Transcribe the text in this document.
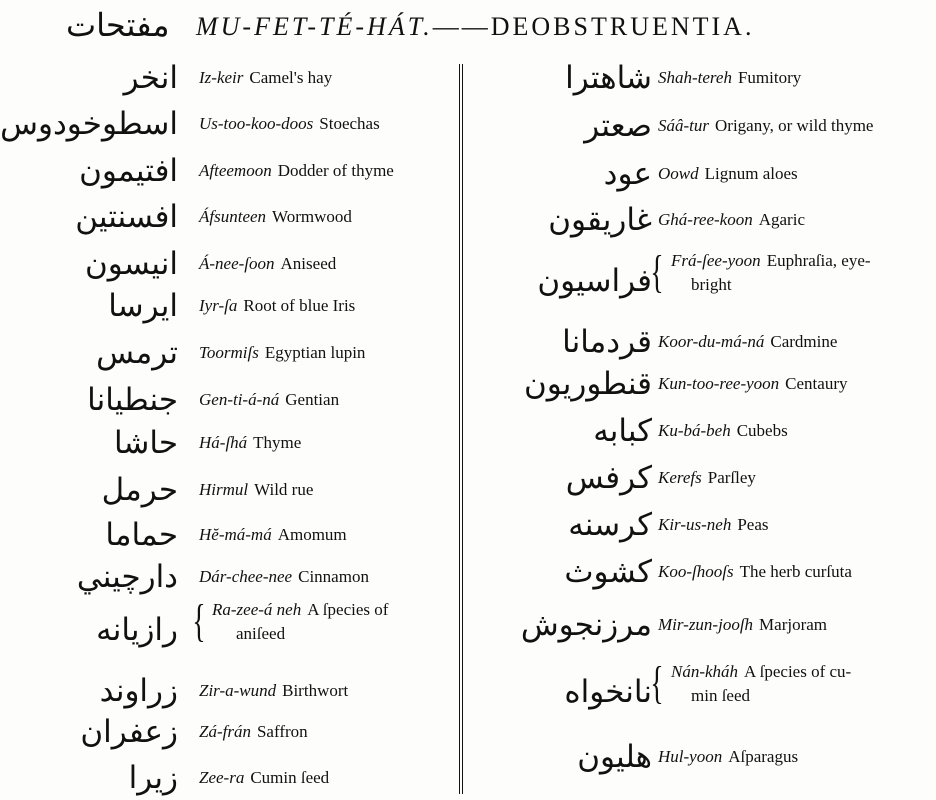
مفتحات MU-FET-TÉ-HÁT.——DEOBSTRUENTIA.
انخر Iz-keir Camel's hay
اسطوخودوس Us-too-koo-doos Stoechas
افتيمون Afteemoon Dodder of thyme
افسنتين Áfsunteen Wormwood
انيسون Á-nee-ſoon Aniseed
ايرسا Iyr-ſa Root of blue Iris
ترمس Toormiſs Egyptian lupin
جنطيانا Gen-ti-á-ná Gentian
حاشا Há-ſhá Thyme
حرمل Hirmul Wild rue
حماما Hĕ-má-má Amomum
دارچيني Dár-chee-nee Cinnamon
رازيانه { Ra-zee-á neh A ſpecies of
aniſeed
زراوند Zir-a-wund Birthwort
زعفران Zá-frán Saffron
زيرا Zee-ra Cumin ſeed
شاهترا Shah-tereh Fumitory
صعتر Sáâ-tur Origany, or wild thyme
عود Oowd Lignum aloes
غاريقون Ghá-ree-koon Agaric
فراسيون
{ Frá-ſee-yoon Euphraſia, eye-
bright
قردمانا Koor-du-má-ná Cardmine
قنطوريون Kun-too-ree-yoon Centaury
كبابه Ku-bá-beh Cubebs
كرفس Kerefs Parſley
كرسنه Kir-us-neh Peas
كشوث Koo-ſhooſs The herb curſuta
مرزنجوش Mir-zun-jooſh Marjoram
نانخواه
{ Nán-kháh A ſpecies of cu-
min ſeed
هليون Hul-yoon Aſparagus
